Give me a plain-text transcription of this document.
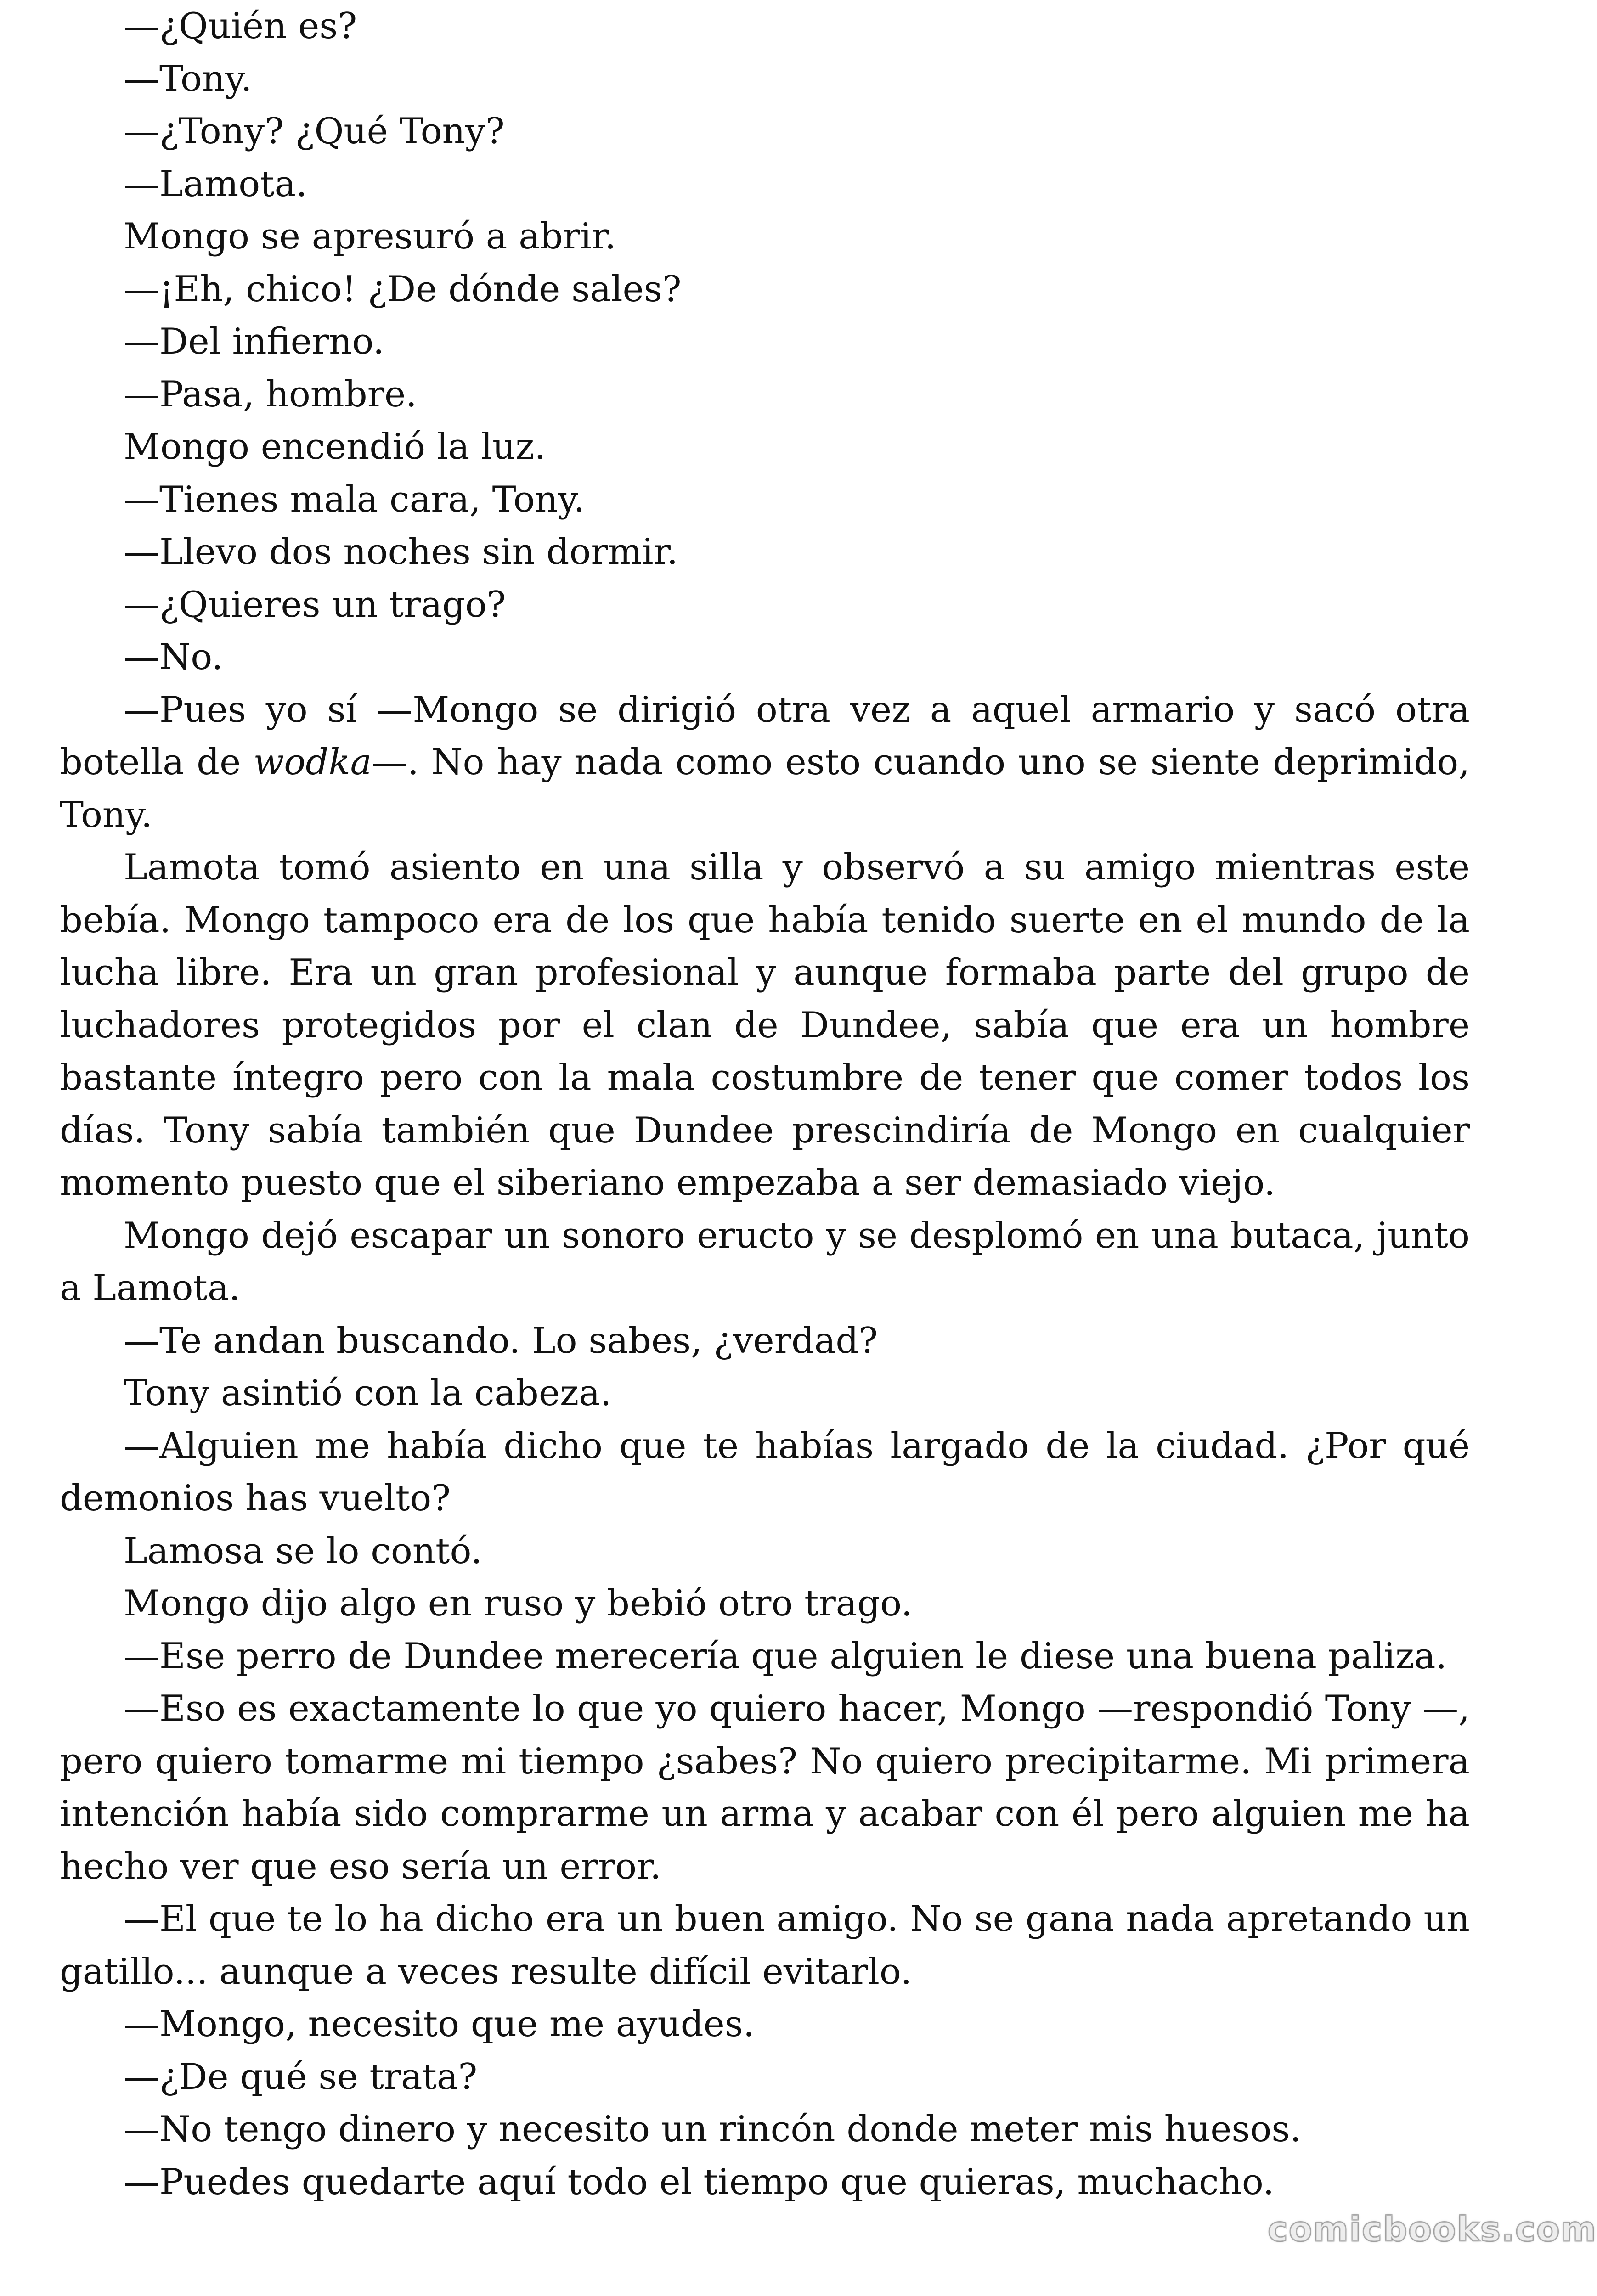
—¿Quién es?

—Tony.

—¿Tony? ¿Qué Tony?

—Lamota.

Mongo se apresuró a abrir.

—¡Eh, chico! ¿De dónde sales?

—Del infierno.

—Pasa, hombre.

Mongo encendió la luz.

—Tienes mala cara, Tony.

—Llevo dos noches sin dormir.

—¿Quieres un trago?

—No.

—Pues yo sí —Mongo se dirigió otra vez a aquel armario y sacó otra botella de wodka—. No hay nada como esto cuando uno se siente deprimido, Tony.

Lamota tomó asiento en una silla y observó a su amigo mientras este bebía. Mongo tampoco era de los que había tenido suerte en el mundo de la lucha libre. Era un gran profesional y aunque formaba parte del grupo de luchadores protegidos por el clan de Dundee, sabía que era un hombre bastante íntegro pero con la mala costumbre de tener que comer todos los días. Tony sabía también que Dundee prescindiría de Mongo en cualquier momento puesto que el siberiano empezaba a ser demasiado viejo.

Mongo dejó escapar un sonoro eructo y se desplomó en una butaca, junto a Lamota.

—Te andan buscando. Lo sabes, ¿verdad?

Tony asintió con la cabeza.

—Alguien me había dicho que te habías largado de la ciudad. ¿Por qué demonios has vuelto?

Lamosa se lo contó.

Mongo dijo algo en ruso y bebió otro trago.

—Ese perro de Dundee merecería que alguien le diese una buena paliza.

—Eso es exactamente lo que yo quiero hacer, Mongo —respondió Tony —, pero quiero tomarme mi tiempo ¿sabes? No quiero precipitarme. Mi primera intención había sido comprarme un arma y acabar con él pero alguien me ha hecho ver que eso sería un error.

—El que te lo ha dicho era un buen amigo. No se gana nada apretando un gatillo... aunque a veces resulte difícil evitarlo.

—Mongo, necesito que me ayudes.

—¿De qué se trata?

—No tengo dinero y necesito un rincón donde meter mis huesos.

—Puedes quedarte aquí todo el tiempo que quieras, muchacho.

comicbooks.com
